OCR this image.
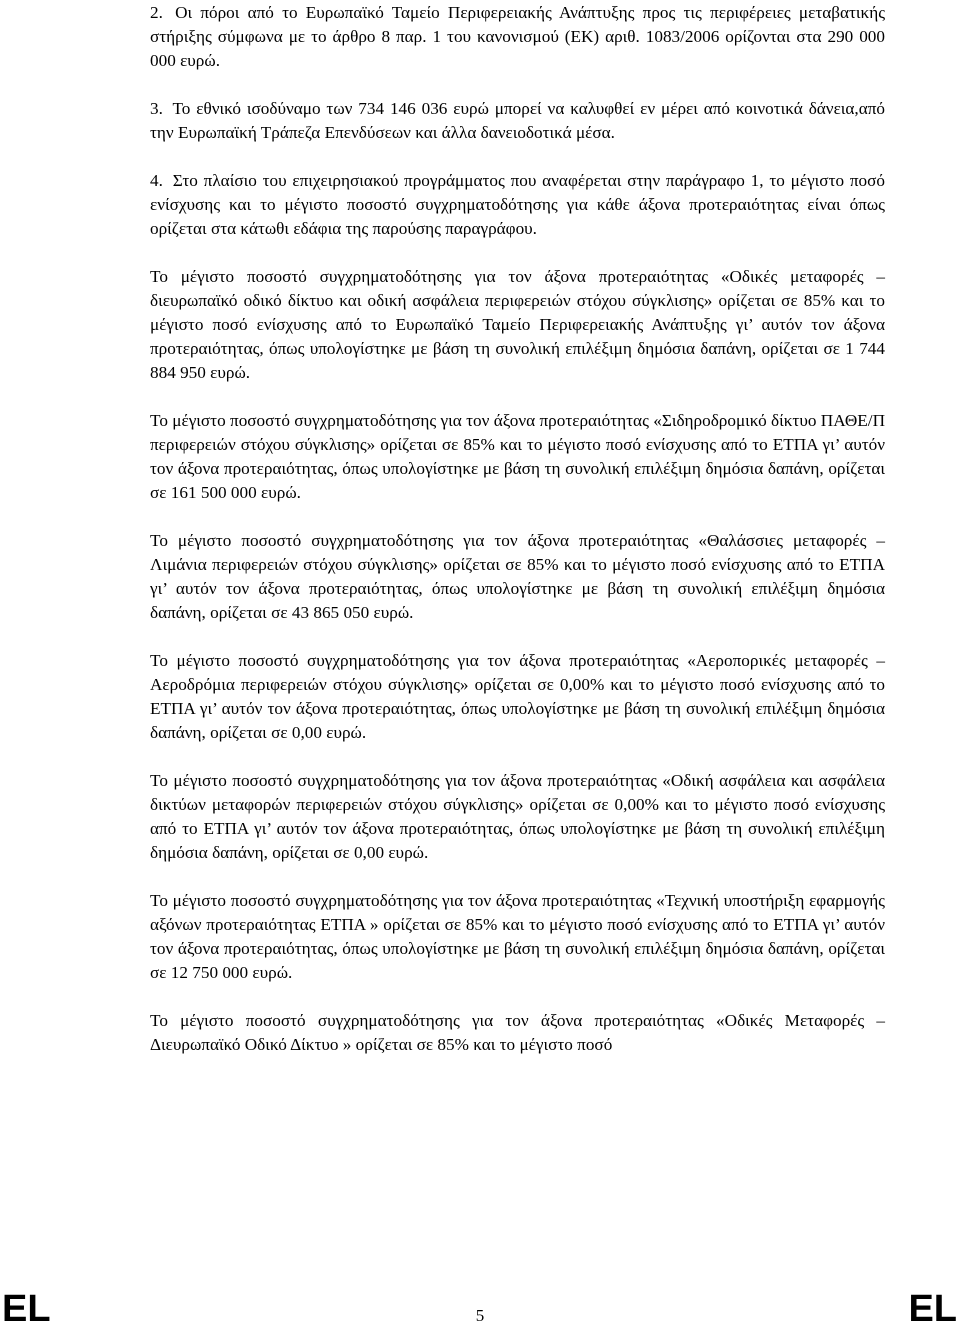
2. Οι πόροι από το Ευρωπαϊκό Ταμείο Περιφερειακής Ανάπτυξης προς τις περιφέρειες μεταβατικής στήριξης σύμφωνα με το άρθρο 8 παρ. 1 του κανονισμού (ΕΚ) αριθ. 1083/2006 ορίζονται στα 290 000 000 ευρώ.
3. Το εθνικό ισοδύναμο των 734 146 036 ευρώ μπορεί να καλυφθεί εν μέρει από κοινοτικά δάνεια,από την Ευρωπαϊκή Τράπεζα Επενδύσεων και άλλα δανειοδοτικά μέσα.
4. Στο πλαίσιο του επιχειρησιακού προγράμματος που αναφέρεται στην παράγραφο 1, το μέγιστο ποσό ενίσχυσης και το μέγιστο ποσοστό συγχρηματοδότησης για κάθε άξονα προτεραιότητας είναι όπως ορίζεται στα κάτωθι εδάφια της παρούσης παραγράφου.

Το μέγιστο ποσοστό συγχρηματοδότησης για τον άξονα προτεραιότητας «Οδικές μεταφορές – διευρωπαϊκό οδικό δίκτυο και οδική ασφάλεια περιφερειών στόχου σύγκλισης» ορίζεται σε 85% και το μέγιστο ποσό ενίσχυσης από το Ευρωπαϊκό Ταμείο Περιφερειακής Ανάπτυξης γι’ αυτόν τον άξονα προτεραιότητας, όπως υπολογίστηκε με βάση τη συνολική επιλέξιμη δημόσια δαπάνη, ορίζεται σε 1 744 884 950 ευρώ.

Το μέγιστο ποσοστό συγχρηματοδότησης για τον άξονα προτεραιότητας «Σιδηροδρομικό δίκτυο ΠΑΘΕ/Π περιφερειών στόχου σύγκλισης» ορίζεται σε 85% και το μέγιστο ποσό ενίσχυσης από το ΕΤΠΑ γι’ αυτόν τον άξονα προτεραιότητας, όπως υπολογίστηκε με βάση τη συνολική επιλέξιμη δημόσια δαπάνη, ορίζεται σε 161 500 000 ευρώ.

Το μέγιστο ποσοστό συγχρηματοδότησης για τον άξονα προτεραιότητας «Θαλάσσιες μεταφορές – Λιμάνια περιφερειών στόχου σύγκλισης» ορίζεται σε 85% και το μέγιστο ποσό ενίσχυσης από το ΕΤΠΑ γι’ αυτόν τον άξονα προτεραιότητας, όπως υπολογίστηκε με βάση τη συνολική επιλέξιμη δημόσια δαπάνη, ορίζεται σε 43 865 050 ευρώ.

Το μέγιστο ποσοστό συγχρηματοδότησης για τον άξονα προτεραιότητας «Αεροπορικές μεταφορές – Αεροδρόμια περιφερειών στόχου σύγκλισης» ορίζεται σε 0,00% και το μέγιστο ποσό ενίσχυσης από το ΕΤΠΑ γι’ αυτόν τον άξονα προτεραιότητας, όπως υπολογίστηκε με βάση τη συνολική επιλέξιμη δημόσια δαπάνη, ορίζεται σε 0,00 ευρώ.

Το μέγιστο ποσοστό συγχρηματοδότησης για τον άξονα προτεραιότητας «Οδική ασφάλεια και ασφάλεια δικτύων μεταφορών περιφερειών στόχου σύγκλισης» ορίζεται σε 0,00% και το μέγιστο ποσό ενίσχυσης από το ΕΤΠΑ γι’ αυτόν τον άξονα προτεραιότητας, όπως υπολογίστηκε με βάση τη συνολική επιλέξιμη δημόσια δαπάνη, ορίζεται σε 0,00 ευρώ.

Το μέγιστο ποσοστό συγχρηματοδότησης για τον άξονα προτεραιότητας «Τεχνική υποστήριξη εφαρμογής αξόνων προτεραιότητας ΕΤΠΑ » ορίζεται σε 85% και το μέγιστο ποσό ενίσχυσης από το ΕΤΠΑ γι’ αυτόν τον άξονα προτεραιότητας, όπως υπολογίστηκε με βάση τη συνολική επιλέξιμη δημόσια δαπάνη, ορίζεται σε 12 750 000 ευρώ.

Το μέγιστο ποσοστό συγχρηματοδότησης για τον άξονα προτεραιότητας «Οδικές Μεταφορές – Διευρωπαϊκό Οδικό Δίκτυο » ορίζεται σε 85% και το μέγιστο ποσό

EL	5	EL
